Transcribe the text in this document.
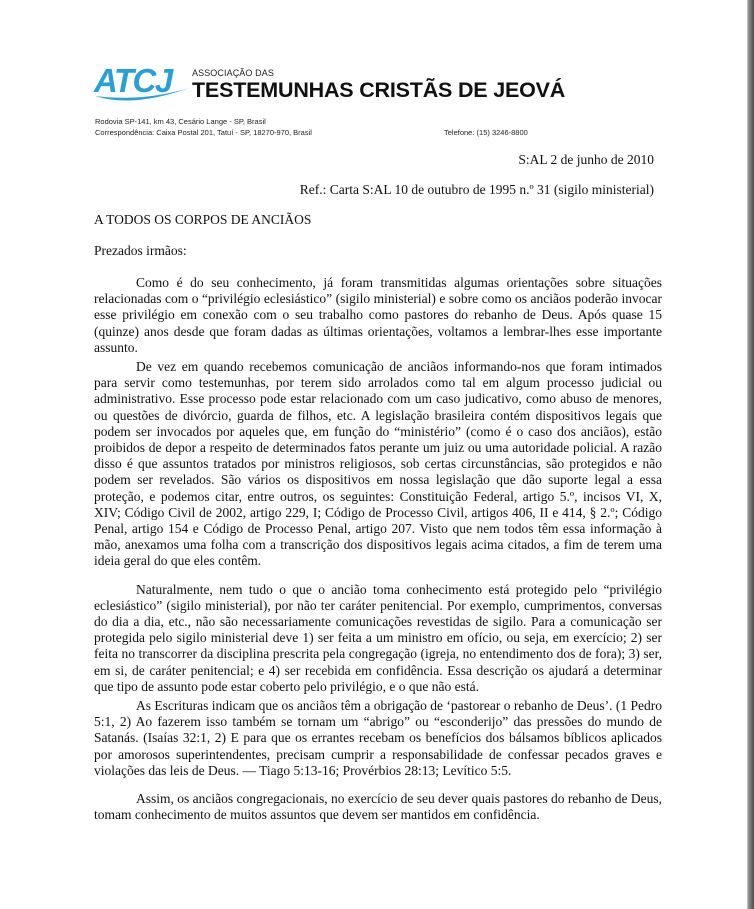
ATCJ ASSOCIAÇÃO DAS
TESTEMUNHAS CRISTÃS DE JEOVÁ
Rodovia SP-141, km 43, Cesário Lange - SP, Brasil
Correspondência: Caixa Postal 201, Tatuí - SP, 18270-970, Brasil	Telefone: (15) 3246-8800
S:AL 2 de junho de 2010
Ref.: Carta S:AL 10 de outubro de 1995 n.º 31 (sigilo ministerial)
A TODOS OS CORPOS DE ANCIÃOS
Prezados irmãos:

Como é do seu conhecimento, já foram transmitidas algumas orientações sobre situações relacionadas com o “privilégio eclesiástico” (sigilo ministerial) e sobre como os anciãos poderão invocar esse privilégio em conexão com o seu trabalho como pastores do rebanho de Deus. Após quase 15 (quinze) anos desde que foram dadas as últimas orientações, voltamos a lembrar-lhes esse importante assunto.

De vez em quando recebemos comunicação de anciãos informando-nos que foram intimados para servir como testemunhas, por terem sido arrolados como tal em algum processo judicial ou administrativo. Esse processo pode estar relacionado com um caso judicativo, como abuso de menores, ou questões de divórcio, guarda de filhos, etc. A legislação brasileira contém dispositivos legais que podem ser invocados por aqueles que, em função do “ministério” (como é o caso dos anciãos), estão proibidos de depor a respeito de determinados fatos perante um juiz ou uma autoridade policial. A razão disso é que assuntos tratados por ministros religiosos, sob certas circunstâncias, são protegidos e não podem ser revelados. São vários os dispositivos em nossa legislação que dão suporte legal a essa proteção, e podemos citar, entre outros, os seguintes: Constituição Federal, artigo 5.º, incisos VI, X, XIV; Código Civil de 2002, artigo 229, I; Código de Processo Civil, artigos 406, II e 414, § 2.º; Código Penal, artigo 154 e Código de Processo Penal, artigo 207. Visto que nem todos têm essa informação à mão, anexamos uma folha com a transcrição dos dispositivos legais acima citados, a fim de terem uma ideia geral do que eles contêm.

Naturalmente, nem tudo o que o ancião toma conhecimento está protegido pelo “privilégio eclesiástico” (sigilo ministerial), por não ter caráter penitencial. Por exemplo, cumprimentos, conversas do dia a dia, etc., não são necessariamente comunicações revestidas de sigilo. Para a comunicação ser protegida pelo sigilo ministerial deve 1) ser feita a um ministro em ofício, ou seja, em exercício; 2) ser feita no transcorrer da disciplina prescrita pela congregação (igreja, no entendimento dos de fora); 3) ser, em si, de caráter penitencial; e 4) ser recebida em confidência. Essa descrição os ajudará a determinar que tipo de assunto pode estar coberto pelo privilégio, e o que não está.

As Escrituras indicam que os anciãos têm a obrigação de ‘pastorear o rebanho de Deus’. (1 Pedro 5:1, 2) Ao fazerem isso também se tornam um “abrigo” ou “esconderijo” das pressões do mundo de Satanás. (Isaías 32:1, 2) E para que os errantes recebam os benefícios dos bálsamos bíblicos aplicados por amorosos superintendentes, precisam cumprir a responsabilidade de confessar pecados graves e violações das leis de Deus. — Tiago 5:13-16; Provérbios 28:13; Levítico 5:5.

Assim, os anciãos congregacionais, no exercício de seu dever quais pastores do rebanho de Deus, tomam conhecimento de muitos assuntos que devem ser mantidos em confidência.
